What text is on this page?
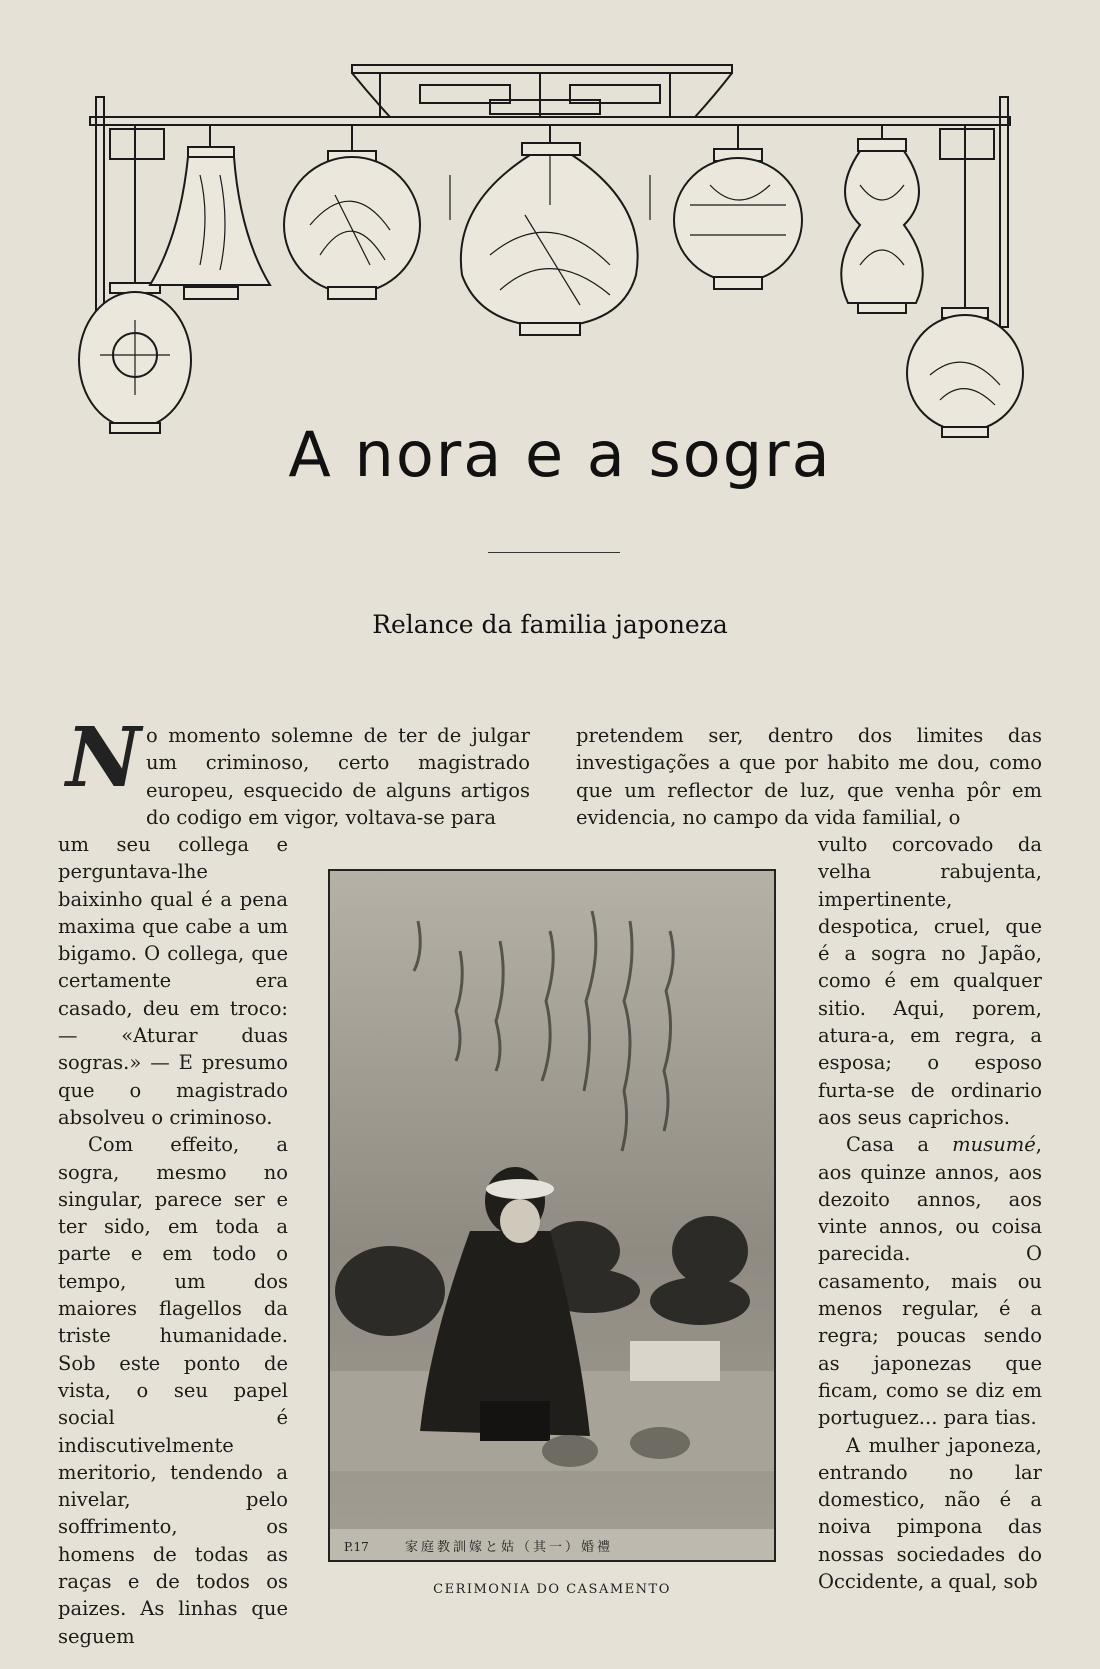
A nora e a sogra
Relance da familia japoneza
N o momento solemne de ter de julgar um criminoso, certo magistrado europeu, esquecido de alguns artigos do codigo em vigor, voltava-se para

um seu collega e perguntava-lhe baixinho qual é a pena maxima que cabe a um bigamo. O collega, que certamente era casado, deu em troco: — «Aturar duas sogras.» — E presumo que o magistrado absolveu o criminoso.

Com effeito, a sogra, mesmo no singular, parece ser e ter sido, em toda a parte e em todo o tempo, um dos maiores flagellos da triste humanidade. Sob este ponto de vista, o seu papel social é indiscutivelmente meritorio, tendendo a nivelar, pelo soffrimento, os homens de todas as raças e de todos os paizes. As linhas que seguem

pretendem ser, dentro dos limites das investigações a que por habito me dou, como que um reflector de luz, que venha pôr em evidencia, no campo da vida familial, o

vulto corcovado da velha rabujenta, impertinente, despotica, cruel, que é a sogra no Japão, como é em qualquer sitio. Aqui, porem, atura-a, em regra, a esposa; o esposo furta-se de ordinario aos seus caprichos.

Casa a musumé, aos quinze annos, aos dezoito annos, aos vinte annos, ou coisa parecida. O casamento, mais ou menos regular, é a regra; poucas sendo as japonezas que ficam, como se diz em portuguez... para tias.

A mulher japoneza, entrando no lar domestico, não é a noiva pimpona das nossas sociedades do Occidente, a qual, sob

P.17	家庭教訓嫁と姑（其一）婚禮
CERIMONIA DO CASAMENTO
